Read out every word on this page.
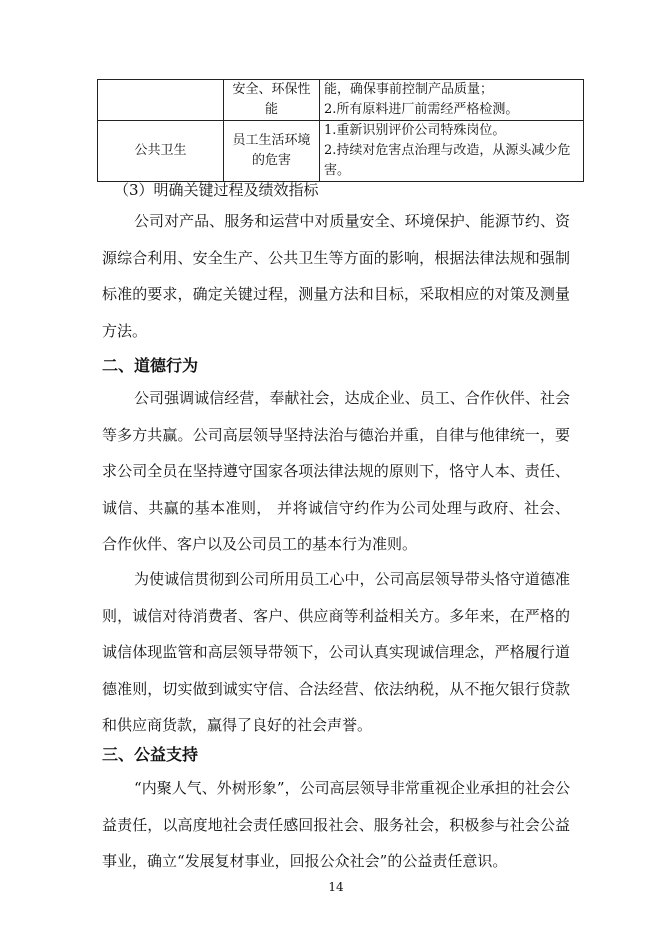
	安全、环保性能	能，确保事前控制产品质量；
2.所有原料进厂前需经严格检测。

公共卫生	员工生活环境的危害	1.重新识别评价公司特殊岗位。
2.持续对危害点治理与改造，从源头减少危害。
（3）明确关键过程及绩效指标

公司对产品、服务和运营中对质量安全、环境保护、能源节约、资源综合利用、安全生产、公共卫生等方面的影响，根据法律法规和强制标准的要求，确定关键过程，测量方法和目标，采取相应的对策及测量方法。

二、道德行为

公司强调诚信经营，奉献社会，达成企业、员工、合作伙伴、社会等多方共赢。公司高层领导坚持法治与德治并重，自律与他律统一，要求公司全员在坚持遵守国家各项法律法规的原则下，恪守人本、责任、诚信、共赢的基本准则， 并将诚信守约作为公司处理与政府、社会、合作伙伴、客户以及公司员工的基本行为准则。

为使诚信贯彻到公司所用员工心中，公司高层领导带头恪守道德准则，诚信对待消费者、客户、供应商等利益相关方。多年来，在严格的诚信体现监管和高层领导带领下，公司认真实现诚信理念，严格履行道德准则，切实做到诚实守信、合法经营、依法纳税，从不拖欠银行贷款和供应商货款，赢得了良好的社会声誉。

三、公益支持

“内聚人气、外树形象”，公司高层领导非常重视企业承担的社会公益责任，以高度地社会责任感回报社会、服务社会，积极参与社会公益事业，确立“发展复材事业，回报公众社会”的公益责任意识。

14
